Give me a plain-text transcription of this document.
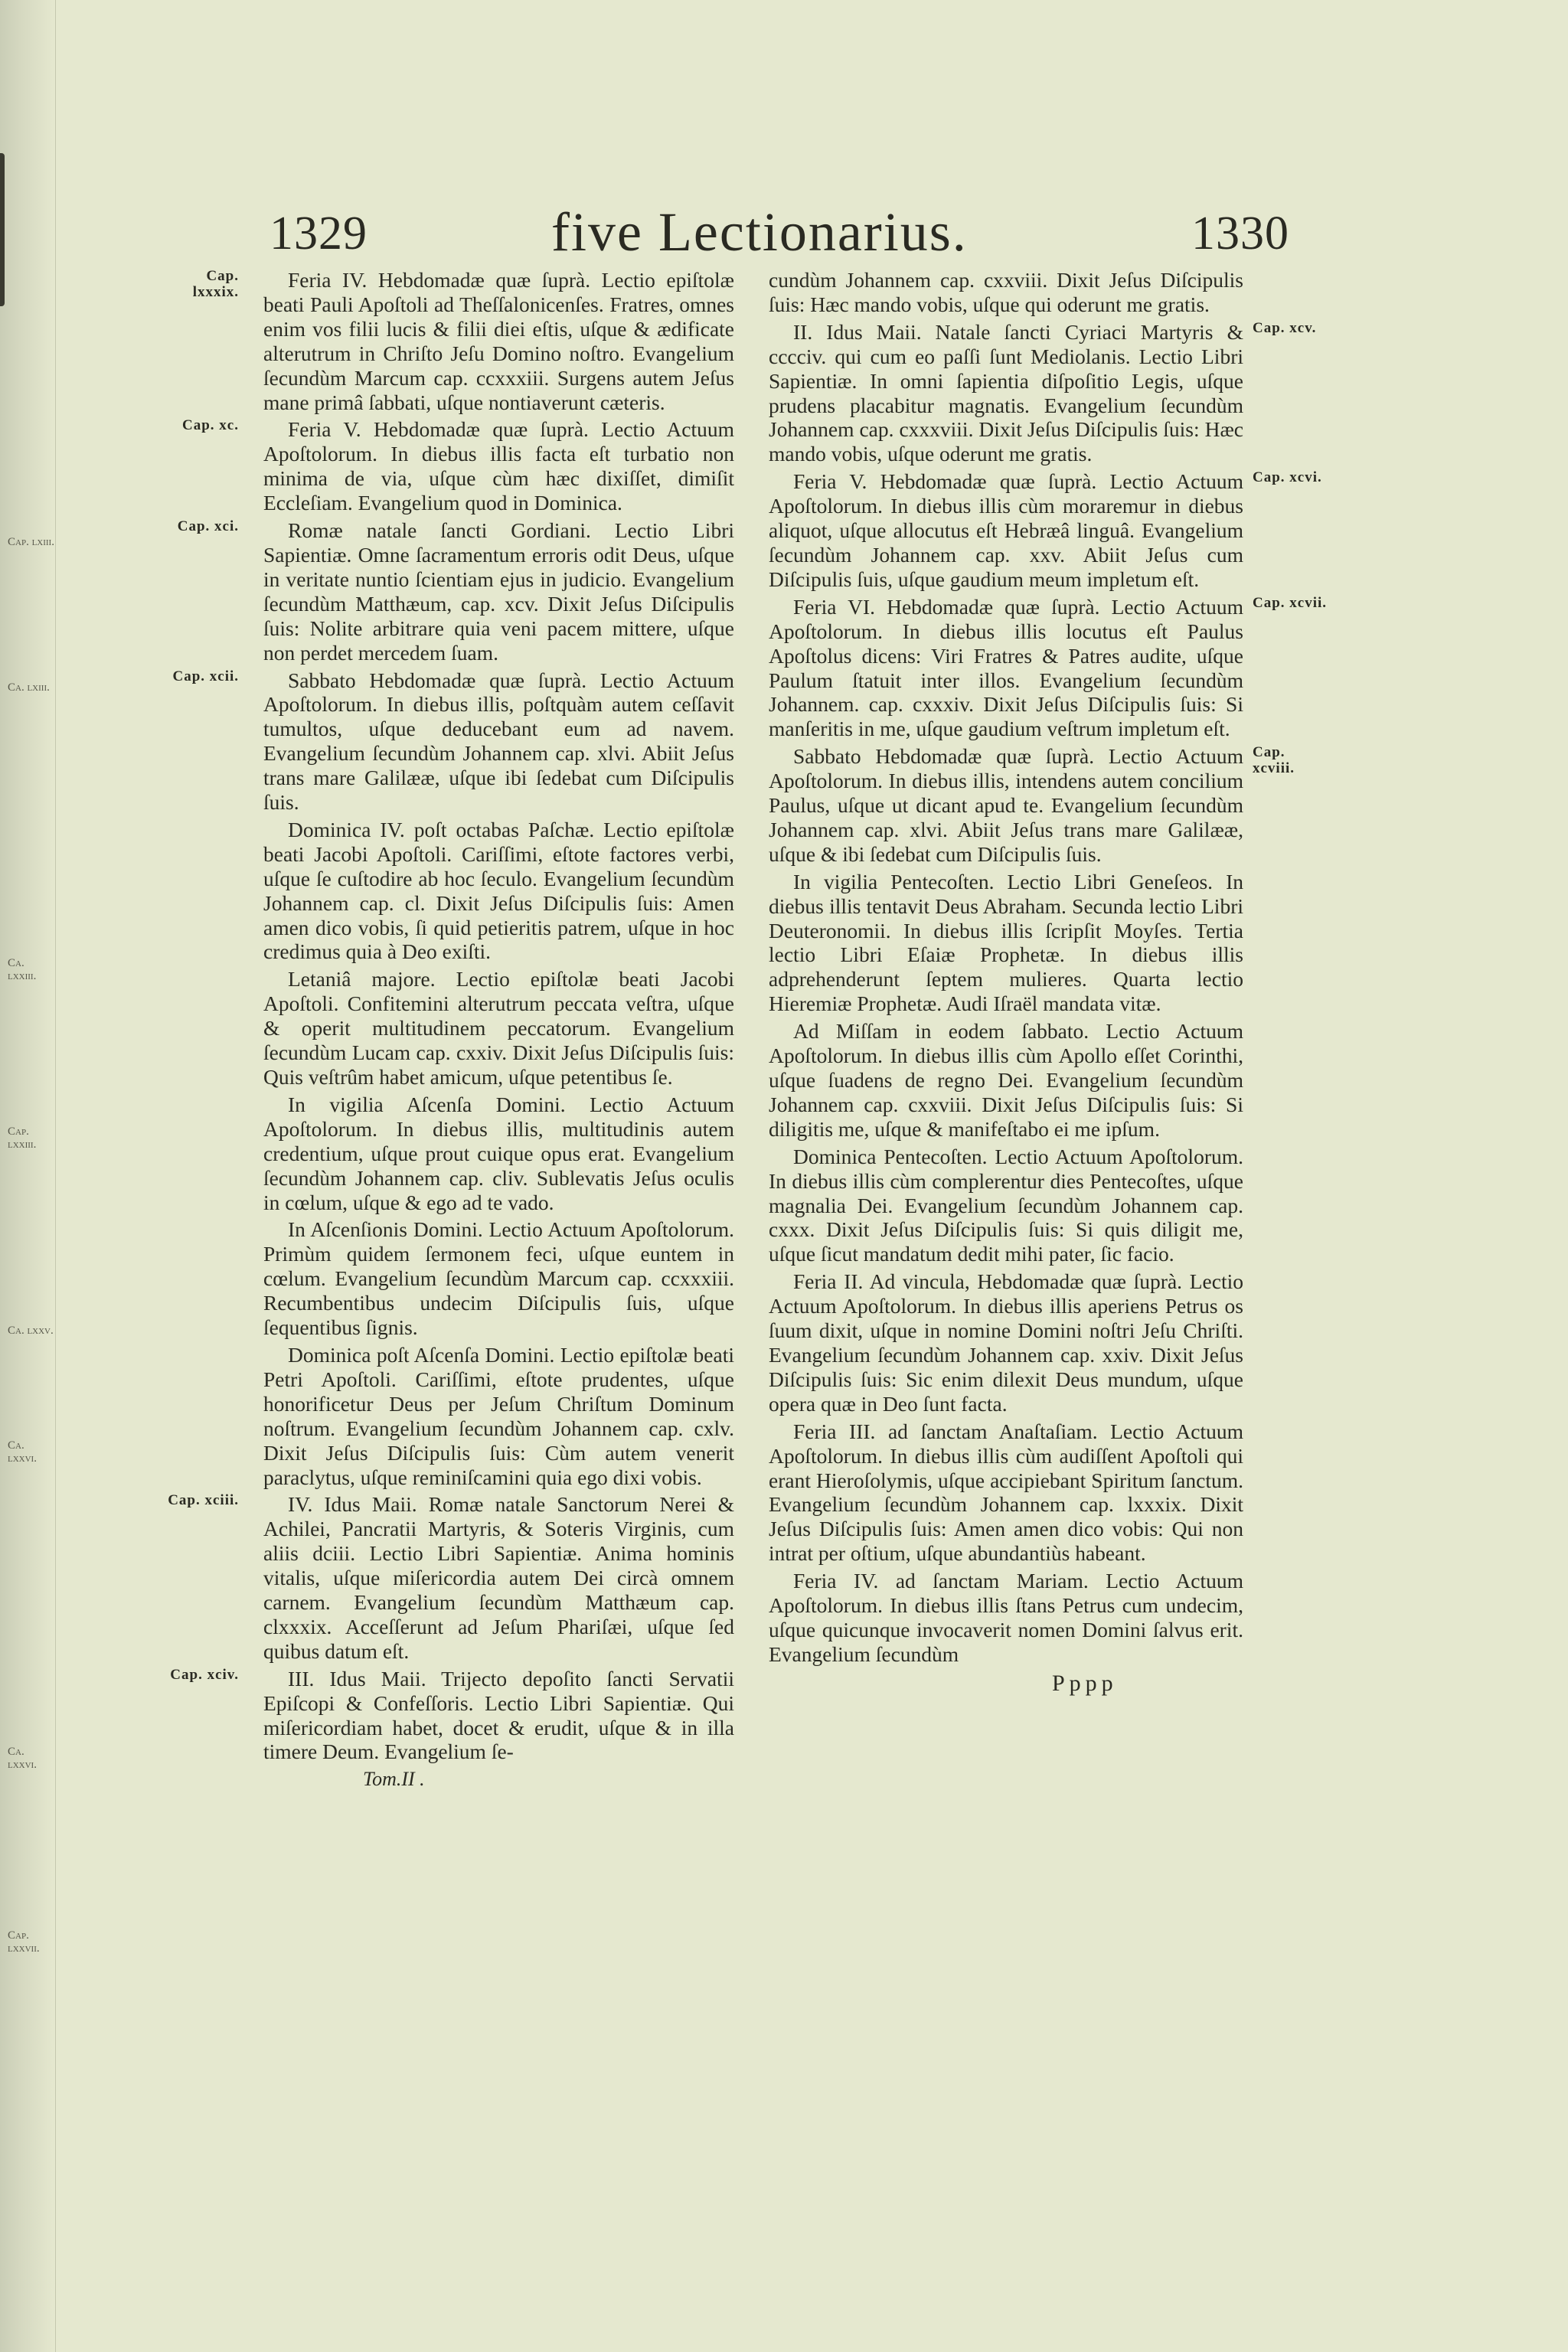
Cap. lxiii.
Ca. lxiii.
Ca. lxxiii.
Cap. lxxiii.
Ca. lxxv.
Ca. lxxvi.
Ca. lxxvi.
Cap. lxxvii.
1329	five Lectionarius.	1330

Cap.
lxxxix.
Feria IV. Hebdomadæ quæ ſuprà. Lectio epiſtolæ beati Pauli Apoſtoli ad Theſſalonicenſes. Fratres, omnes enim vos filii lucis & filii diei eſtis, uſque & ædificate alterutrum in Chriſto Jeſu Domino noſtro. Evangelium ſecundùm Marcum cap. ccxxxiii. Surgens autem Jeſus mane primâ ſabbati, uſque nontiaverunt cæteris.

Cap. xc. Feria V. Hebdomadæ quæ ſuprà. Lectio Actuum Apoſtolorum. In diebus illis facta eſt turbatio non minima de via, uſque cùm hæc dixiſſet, dimiſit Eccleſiam. Evangelium quod in Dominica.

Cap. xci. Romæ natale ſancti Gordiani. Lectio Libri Sapientiæ. Omne ſacramentum erroris odit Deus, uſque in veritate nuntio ſcientiam ejus in judicio. Evangelium ſecundùm Matthæum, cap. xcv. Dixit Jeſus Diſcipulis ſuis: Nolite arbitrare quia veni pacem mittere, uſque non perdet mercedem ſuam.

Cap. xcii. Sabbato Hebdomadæ quæ ſuprà. Lectio Actuum Apoſtolorum. In diebus illis, poſtquàm autem ceſſavit tumultos, uſque deducebant eum ad navem. Evangelium ſecundùm Johannem cap. xlvi. Abiit Jeſus trans mare Galilææ, uſque ibi ſedebat cum Diſcipulis ſuis.

Dominica IV. poſt octabas Paſchæ. Lectio epiſtolæ beati Jacobi Apoſtoli. Cariſſimi, eſtote factores verbi, uſque ſe cuſtodire ab hoc ſeculo. Evangelium ſecundùm Johannem cap. cl. Dixit Jeſus Diſcipulis ſuis: Amen amen dico vobis, ſi quid petieritis patrem, uſque in hoc credimus quia à Deo exiſti.

Letaniâ majore. Lectio epiſtolæ beati Jacobi Apoſtoli. Confitemini alterutrum peccata veſtra, uſque & operit multitudinem peccatorum. Evangelium ſecundùm Lucam cap. cxxiv. Dixit Jeſus Diſcipulis ſuis: Quis veſtrûm habet amicum, uſque petentibus ſe.

In vigilia Aſcenſa Domini. Lectio Actuum Apoſtolorum. In diebus illis, multitudinis autem credentium, uſque prout cuique opus erat. Evangelium ſecundùm Johannem cap. cliv. Sublevatis Jeſus oculis in cœlum, uſque & ego ad te vado.

In Aſcenſionis Domini. Lectio Actuum Apoſtolorum. Primùm quidem ſermonem feci, uſque euntem in cœlum. Evangelium ſecundùm Marcum cap. ccxxxiii. Recumbentibus undecim Diſcipulis ſuis, uſque ſequentibus ſignis.

Dominica poſt Aſcenſa Domini. Lectio epiſtolæ beati Petri Apoſtoli. Cariſſimi, eſtote prudentes, uſque honorificetur Deus per Jeſum Chriſtum Dominum noſtrum. Evangelium ſecundùm Johannem cap. cxlv. Dixit Jeſus Diſcipulis ſuis: Cùm autem venerit paraclytus, uſque reminiſcamini quia ego dixi vobis.

Cap. xciii. IV. Idus Maii. Romæ natale Sanctorum Nerei & Achilei, Pancratii Martyris, & Soteris Virginis, cum aliis dciii. Lectio Libri Sapientiæ. Anima hominis vitalis, uſque miſericordia autem Dei circà omnem carnem. Evangelium ſecundùm Matthæum cap. clxxxix. Acceſſerunt ad Jeſum Phariſæi, uſque ſed quibus datum eſt.

Cap. xciv. III. Idus Maii. Trijecto depoſito ſancti Servatii Epiſcopi & Confeſſoris. Lectio Libri Sapientiæ. Qui miſericordiam habet, docet & erudit, uſque & in illa timere Deum. Evangelium ſe-

Tom.II .

cundùm Johannem cap. cxxviii. Dixit Jeſus Diſcipulis ſuis: Hæc mando vobis, uſque qui oderunt me gratis.

Cap. xcv.
II. Idus Maii. Natale ſancti Cyriaci Martyris & cccciv. qui cum eo paſſi ſunt Mediolanis. Lectio Libri Sapientiæ. In omni ſapientia diſpoſitio Legis, uſque prudens placabitur magnatis. Evangelium ſecundùm Johannem cap. cxxxviii. Dixit Jeſus Diſcipulis ſuis: Hæc mando vobis, uſque oderunt me gratis.

Cap. xcvi.
Feria V. Hebdomadæ quæ ſuprà. Lectio Actuum Apoſtolorum. In diebus illis cùm moraremur in diebus aliquot, uſque allocutus eſt Hebræâ linguâ. Evangelium ſecundùm Johannem cap. xxv. Abiit Jeſus cum Diſcipulis ſuis, uſque gaudium meum impletum eſt.

Cap. xcvii.
Feria VI. Hebdomadæ quæ ſuprà. Lectio Actuum Apoſtolorum. In diebus illis locutus eſt Paulus Apoſtolus dicens: Viri Fratres & Patres audite, uſque Paulum ſtatuit inter illos. Evangelium ſecundùm Johannem. cap. cxxxiv. Dixit Jeſus Diſcipulis ſuis: Si manſeritis in me, uſque gaudium veſtrum impletum eſt.

Cap.
xcviii.
Sabbato Hebdomadæ quæ ſuprà. Lectio Actuum Apoſtolorum. In diebus illis, intendens autem concilium Paulus, uſque ut dicant apud te. Evangelium ſecundùm Johannem cap. xlvi. Abiit Jeſus trans mare Galilææ, uſque & ibi ſedebat cum Diſcipulis ſuis.

In vigilia Pentecoſten. Lectio Libri Geneſeos. In diebus illis tentavit Deus Abraham. Secunda lectio Libri Deuteronomii. In diebus illis ſcripſit Moyſes. Tertia lectio Libri Eſaiæ Prophetæ. In diebus illis adprehenderunt ſeptem mulieres. Quarta lectio Hieremiæ Prophetæ. Audi Iſraël mandata vitæ.

Ad Miſſam in eodem ſabbato. Lectio Actuum Apoſtolorum. In diebus illis cùm Apollo eſſet Corinthi, uſque ſuadens de regno Dei. Evangelium ſecundùm Johannem cap. cxxviii. Dixit Jeſus Diſcipulis ſuis: Si diligitis me, uſque & manifeſtabo ei me ipſum.

Dominica Pentecoſten. Lectio Actuum Apoſtolorum. In diebus illis cùm complerentur dies Pentecoſtes, uſque magnalia Dei. Evangelium ſecundùm Johannem cap. cxxx. Dixit Jeſus Diſcipulis ſuis: Si quis diligit me, uſque ſicut mandatum dedit mihi pater, ſic facio.

Feria II. Ad vincula, Hebdomadæ quæ ſuprà. Lectio Actuum Apoſtolorum. In diebus illis aperiens Petrus os ſuum dixit, uſque in nomine Domini noſtri Jeſu Chriſti. Evangelium ſecundùm Johannem cap. xxiv. Dixit Jeſus Diſcipulis ſuis: Sic enim dilexit Deus mundum, uſque opera quæ in Deo ſunt facta.

Feria III. ad ſanctam Anaſtaſiam. Lectio Actuum Apoſtolorum. In diebus illis cùm audiſſent Apoſtoli qui erant Hieroſolymis, uſque accipiebant Spiritum ſanctum. Evangelium ſecundùm Johannem cap. lxxxix. Dixit Jeſus Diſcipulis ſuis: Amen amen dico vobis: Qui non intrat per oſtium, uſque abundantiùs habeant.

Feria IV. ad ſanctam Mariam. Lectio Actuum Apoſtolorum. In diebus illis ſtans Petrus cum undecim, uſque quicunque invocaverit nomen Domini ſalvus erit. Evangelium ſecundùm

Pppp
